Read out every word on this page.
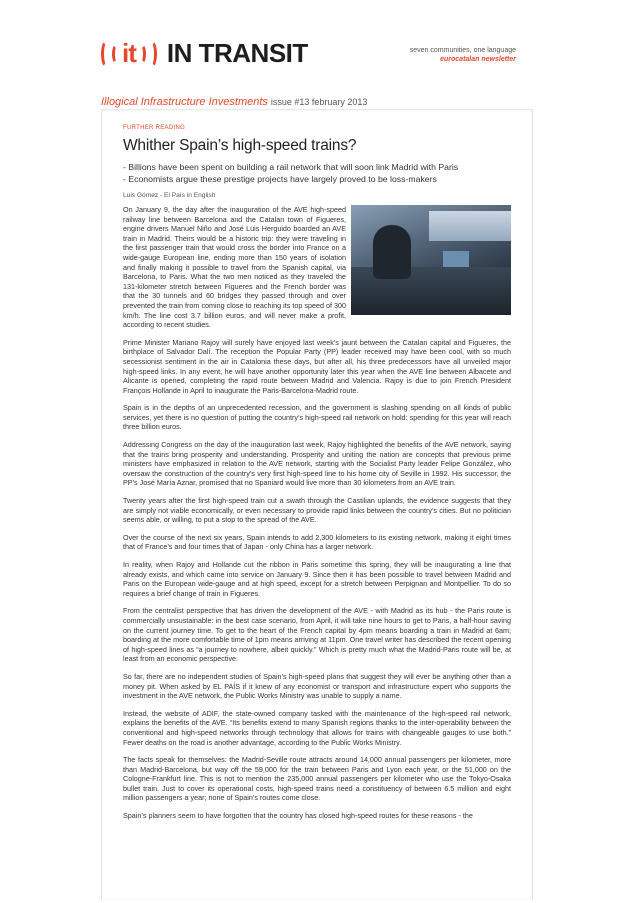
it IN TRANSIT	seven communities, one language
eurocatalan newsletter
Illogical Infrastructure Investments issue #13 february 2013
FURTHER READING
Whither Spain’s high-speed trains?
- Billions have been spent on building a rail network that will soon link Madrid with Paris
- Economists argue these prestige projects have largely proved to be loss-makers
Luis Gómez - El País in English

On January 9, the day after the inauguration of the AVE high-speed railway line between Barcelona and the Catalan town of Figueres, engine drivers Manuel Niño and José Luis Herguido boarded an AVE train in Madrid. Theirs would be a historic trip: they were traveling in the first passenger train that would cross the border into France on a wide-gauge European line, ending more than 150 years of isolation and finally making it possible to travel from the Spanish capital, via Barcelona, to Paris. What the two men noticed as they traveled the 131-kilometer stretch between Figueres and the French border was that the 30 tunnels and 60 bridges they passed through and over prevented the train from coming close to reaching its top speed of 300 km/h. The line cost 3.7 billion euros, and will never make a profit, according to recent studies.

Prime Minister Mariano Rajoy will surely have enjoyed last week’s jaunt between the Catalan capital and Figueres, the birthplace of Salvador Dalí. The reception the Popular Party (PP) leader received may have been cool, with so much secessionist sentiment in the air in Catalonia these days, but after all, his three predecessors have all unveiled major high-speed links. In any event, he will have another opportunity later this year when the AVE line between Albacete and Alicante is opened, completing the rapid route between Madrid and Valencia. Rajoy is due to join French President François Hollande in April to inaugurate the Paris-Barcelona-Madrid route.

Spain is in the depths of an unprecedented recession, and the government is slashing spending on all kinds of public services, yet there is no question of putting the country’s high-speed rail network on hold: spending for this year will reach three billion euros.

Addressing Congress on the day of the inauguration last week, Rajoy highlighted the benefits of the AVE network, saying that the trains bring prosperity and understanding. Prosperity and uniting the nation are concepts that previous prime ministers have emphasized in relation to the AVE network, starting with the Socialist Party leader Felipe González, who oversaw the construction of the country’s very first high-speed line to his home city of Seville in 1992. His successor, the PP’s José María Aznar, promised that no Spaniard would live more than 30 kilometers from an AVE train.

Twenty years after the first high-speed train cut a swath through the Castilian uplands, the evidence suggests that they are simply not viable economically, or even necessary to provide rapid links between the country’s cities. But no politician seems able, or willing, to put a stop to the spread of the AVE.

Over the course of the next six years, Spain intends to add 2,300 kilometers to its existing network, making it eight times that of France’s and four times that of Japan - only China has a larger network.

In reality, when Rajoy and Hollande cut the ribbon in Paris sometime this spring, they will be inaugurating a line that already exists, and which came into service on January 9. Since then it has been possible to travel between Madrid and Paris on the European wide-gauge and at high speed, except for a stretch between Perpignan and Montpellier. To do so requires a brief change of train in Figueres.

From the centralist perspective that has driven the development of the AVE - with Madrid as its hub - the Paris route is commercially unsustainable: in the best case scenario, from April, it will take nine hours to get to Paris, a half-hour saving on the current journey time. To get to the heart of the French capital by 4pm means boarding a train in Madrid at 6am; boarding at the more comfortable time of 1pm means arriving at 11pm. One travel writer has described the recent opening of high-speed lines as “a journey to nowhere, albeit quickly.” Which is pretty much what the Madrid-Paris route will be, at least from an economic perspective.

So far, there are no independent studies of Spain’s high-speed plans that suggest they will ever be anything other than a money pit. When asked by EL PAÍS if it knew of any economist or transport and infrastructure expert who supports the investment in the AVE network, the Public Works Ministry was unable to supply a name.

Instead, the website of ADIF, the state-owned company tasked with the maintenance of the high-speed rail network, explains the benefits of the AVE. “Its benefits extend to many Spanish regions thanks to the inter-operability between the conventional and high-speed networks through technology that allows for trains with changeable gauges to use both.” Fewer deaths on the road is another advantage, according to the Public Works Ministry.

The facts speak for themselves: the Madrid-Seville route attracts around 14,000 annual passengers per kilometer, more than Madrid-Barcelona, but way off the 59,000 for the train between Paris and Lyon each year, or the 51,000 on the Cologne-Frankfurt line. This is not to mention the 235,000 annual passengers per kilometer who use the Tokyo-Osaka bullet train. Just to cover its operational costs, high-speed trains need a constituency of between 6.5 million and eight million passengers a year; none of Spain’s routes come close.

Spain’s planners seem to have forgotten that the country has closed high-speed routes for these reasons - the
